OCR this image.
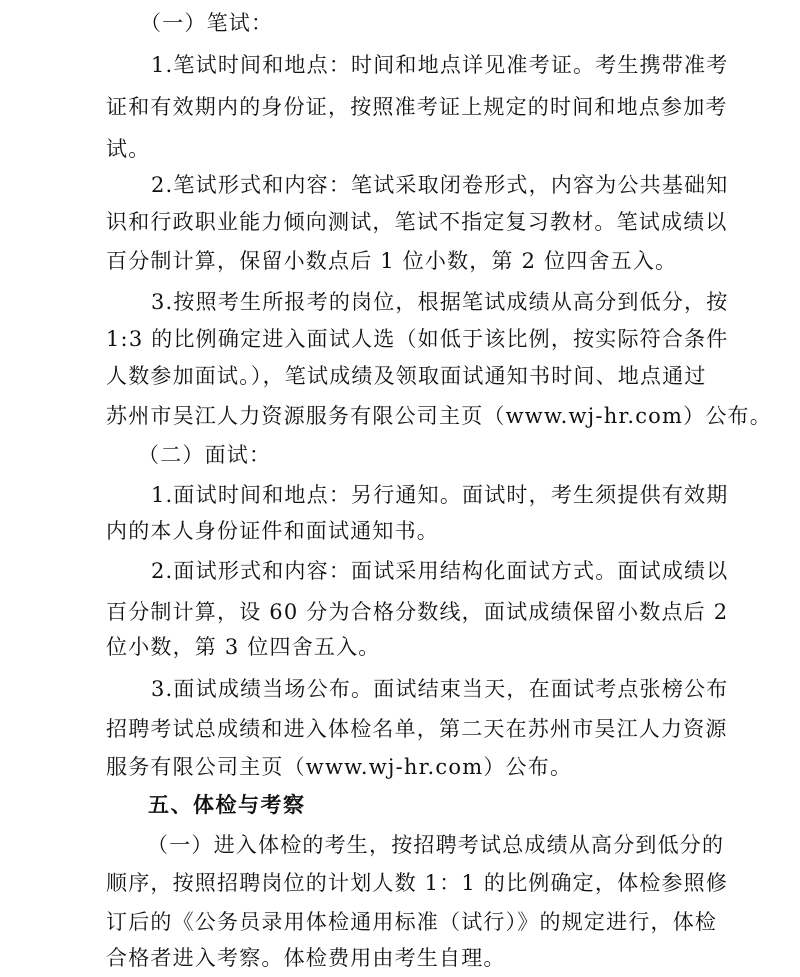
（一）笔试：
1.笔试时间和地点：时间和地点详见准考证。考生携带准考
证和有效期内的身份证，按照准考证上规定的时间和地点参加考
试。
2.笔试形式和内容：笔试采取闭卷形式，内容为公共基础知
识和行政职业能力倾向测试，笔试不指定复习教材。笔试成绩以
百分制计算，保留小数点后 1 位小数，第 2 位四舍五入。
3.按照考生所报考的岗位，根据笔试成绩从高分到低分，按
1:3 的比例确定进入面试人选（如低于该比例，按实际符合条件
人数参加面试。），笔试成绩及领取面试通知书时间、地点通过
苏州市吴江人力资源服务有限公司主页（www.wj-hr.com）公布。
（二）面试：
1.面试时间和地点：另行通知。面试时，考生须提供有效期
内的本人身份证件和面试通知书。
2.面试形式和内容：面试采用结构化面试方式。面试成绩以
百分制计算，设 60 分为合格分数线，面试成绩保留小数点后 2
位小数，第 3 位四舍五入。
3.面试成绩当场公布。面试结束当天，在面试考点张榜公布
招聘考试总成绩和进入体检名单，第二天在苏州市吴江人力资源
服务有限公司主页（www.wj-hr.com）公布。
五、体检与考察
（一）进入体检的考生，按招聘考试总成绩从高分到低分的
顺序，按照招聘岗位的计划人数 1：1 的比例确定，体检参照修
订后的《公务员录用体检通用标准（试行）》的规定进行，体检
合格者进入考察。体检费用由考生自理。
